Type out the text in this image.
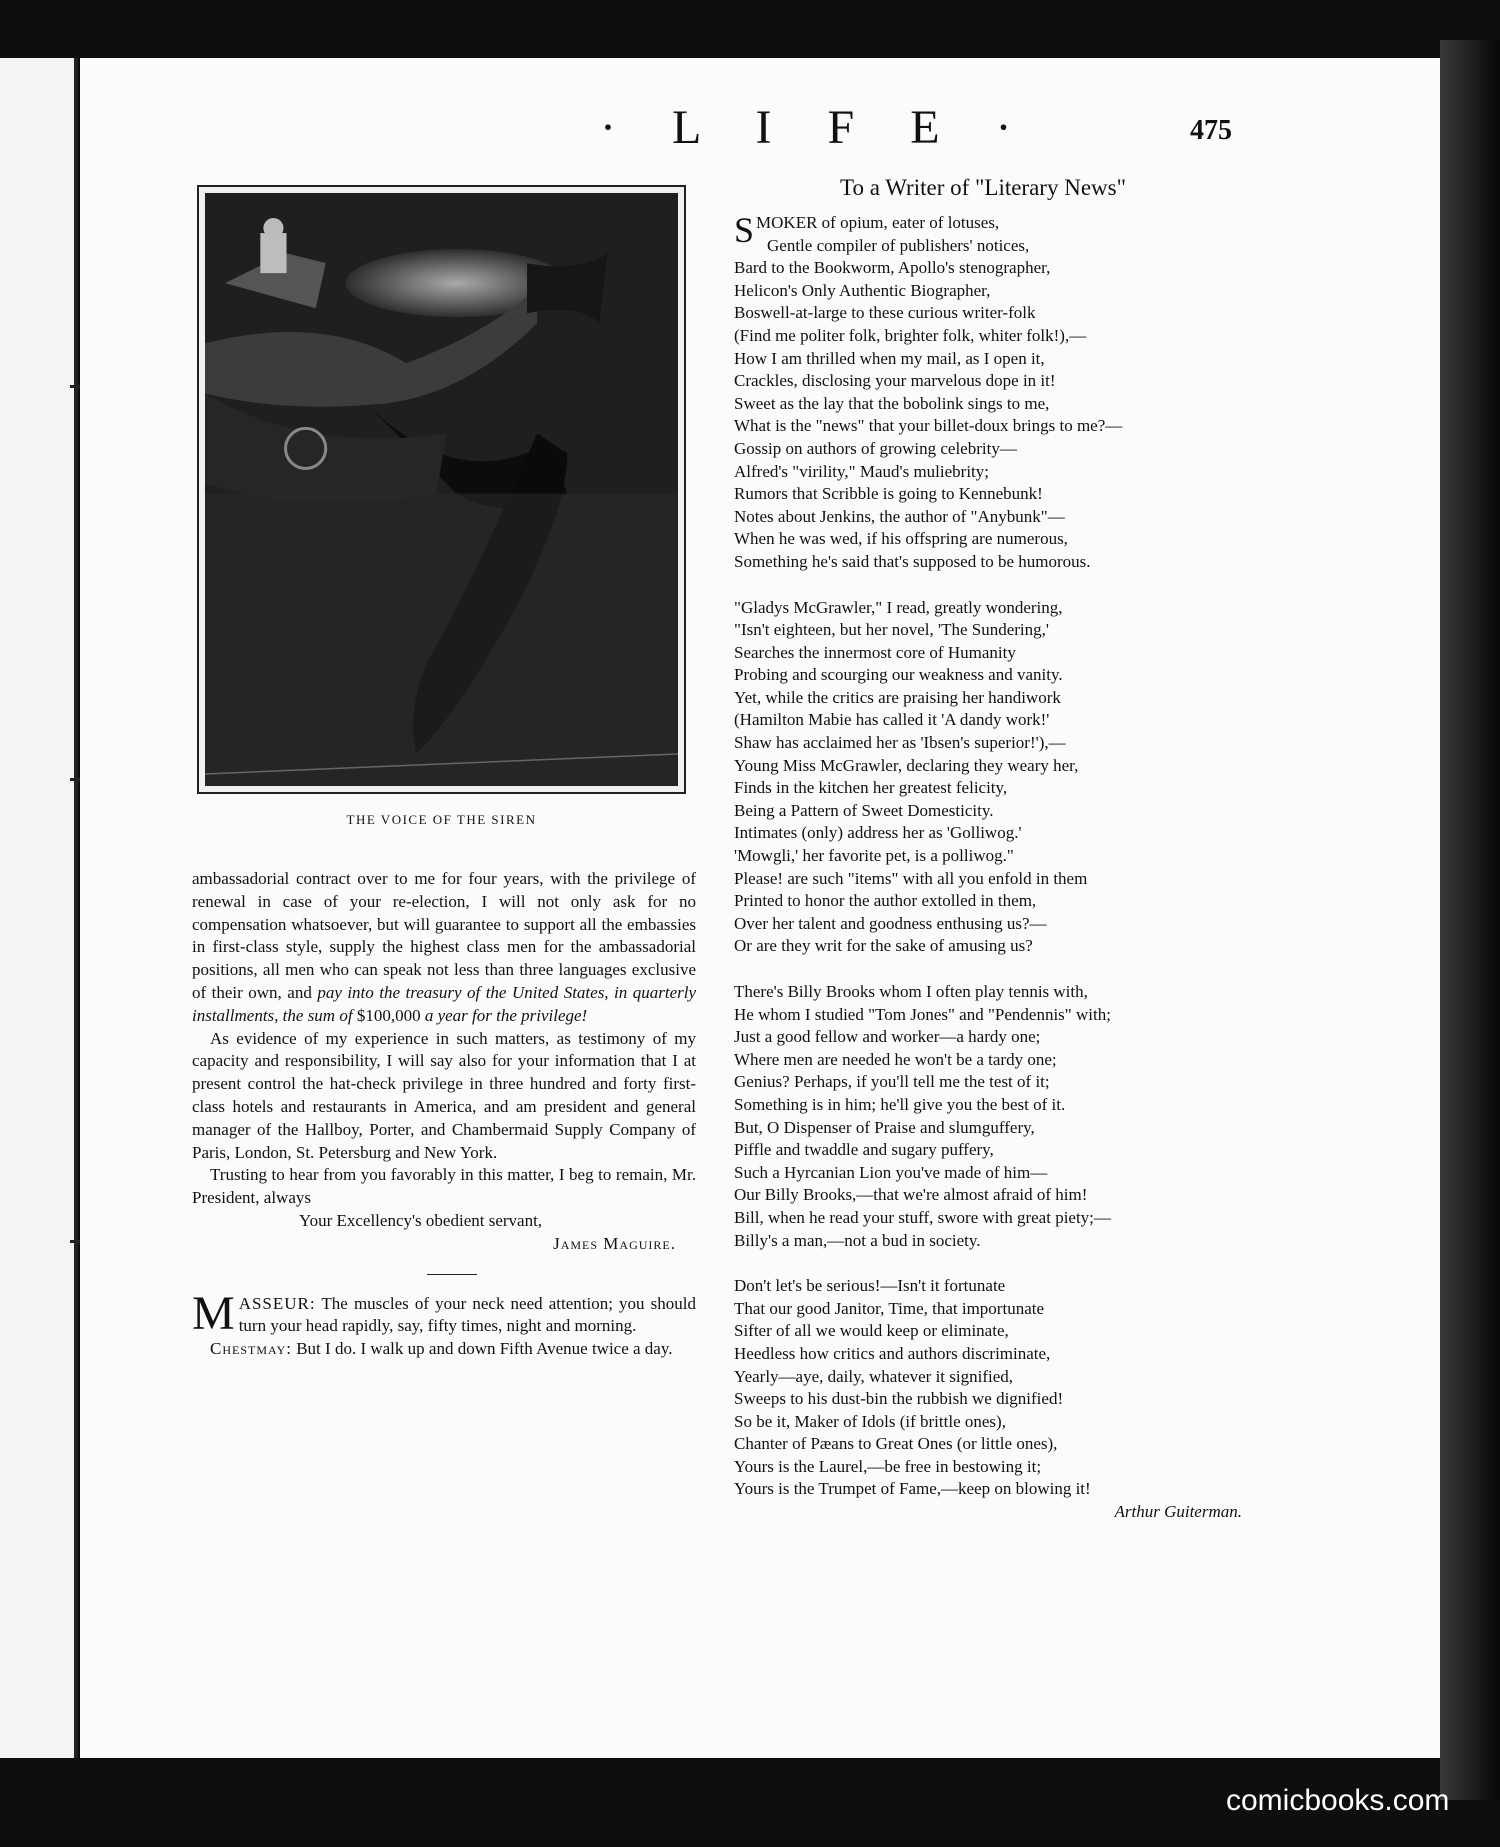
· L I F E ·	475
THE VOICE OF THE SIREN

ambassadorial contract over to me for four years, with the privilege of renewal in case of your re-election, I will not only ask for no compensation whatsoever, but will guarantee to support all the embassies in first-class style, supply the highest class men for the ambassadorial positions, all men who can speak not less than three languages exclusive of their own, and pay into the treasury of the United States, in quarterly installments, the sum of $100,000 a year for the privilege!

As evidence of my experience in such matters, as testimony of my capacity and responsibility, I will say also for your information that I at present control the hat-check privilege in three hundred and forty first-class hotels and restaurants in America, and am president and general manager of the Hallboy, Porter, and Chambermaid Supply Company of Paris, London, St. Petersburg and New York.

Trusting to hear from you favorably in this matter, I beg to remain, Mr. President, always

Your Excellency's obedient servant,

James Maguire.

M ASSEUR: The muscles of your neck need attention; you should turn your head rapidly, say, fifty times, night and morning.

Chestmay: But I do. I walk up and down Fifth Avenue twice a day.

To a Writer of "Literary News"
SMOKER of opium, eater of lotuses,
Gentle compiler of publishers' notices,
Bard to the Bookworm, Apollo's stenographer,
Helicon's Only Authentic Biographer,
Boswell-at-large to these curious writer-folk
(Find me politer folk, brighter folk, whiter folk!),—
How I am thrilled when my mail, as I open it,
Crackles, disclosing your marvelous dope in it!
Sweet as the lay that the bobolink sings to me,
What is the "news" that your billet-doux brings to me?—
Gossip on authors of growing celebrity—
Alfred's "virility," Maud's muliebrity;
Rumors that Scribble is going to Kennebunk!
Notes about Jenkins, the author of "Anybunk"—
When he was wed, if his offspring are numerous,
Something he's said that's supposed to be humorous.
"Gladys McGrawler," I read, greatly wondering,
"Isn't eighteen, but her novel, 'The Sundering,'
Searches the innermost core of Humanity
Probing and scourging our weakness and vanity.
Yet, while the critics are praising her handiwork
(Hamilton Mabie has called it 'A dandy work!'
Shaw has acclaimed her as 'Ibsen's superior!'),—
Young Miss McGrawler, declaring they weary her,
Finds in the kitchen her greatest felicity,
Being a Pattern of Sweet Domesticity.
Intimates (only) address her as 'Golliwog.'
'Mowgli,' her favorite pet, is a polliwog."
Please! are such "items" with all you enfold in them
Printed to honor the author extolled in them,
Over her talent and goodness enthusing us?—
Or are they writ for the sake of amusing us?
There's Billy Brooks whom I often play tennis with,
He whom I studied "Tom Jones" and "Pendennis" with;
Just a good fellow and worker—a hardy one;
Where men are needed he won't be a tardy one;
Genius? Perhaps, if you'll tell me the test of it;
Something is in him; he'll give you the best of it.
But, O Dispenser of Praise and slumguffery,
Piffle and twaddle and sugary puffery,
Such a Hyrcanian Lion you've made of him—
Our Billy Brooks,—that we're almost afraid of him!
Bill, when he read your stuff, swore with great piety;—
Billy's a man,—not a bud in society.
Don't let's be serious!—Isn't it fortunate
That our good Janitor, Time, that importunate
Sifter of all we would keep or eliminate,
Heedless how critics and authors discriminate,
Yearly—aye, daily, whatever it signified,
Sweeps to his dust-bin the rubbish we dignified!
So be it, Maker of Idols (if brittle ones),
Chanter of Pæans to Great Ones (or little ones),
Yours is the Laurel,—be free in bestowing it;
Yours is the Trumpet of Fame,—keep on blowing it!
Arthur Guiterman.
comicbooks.com
